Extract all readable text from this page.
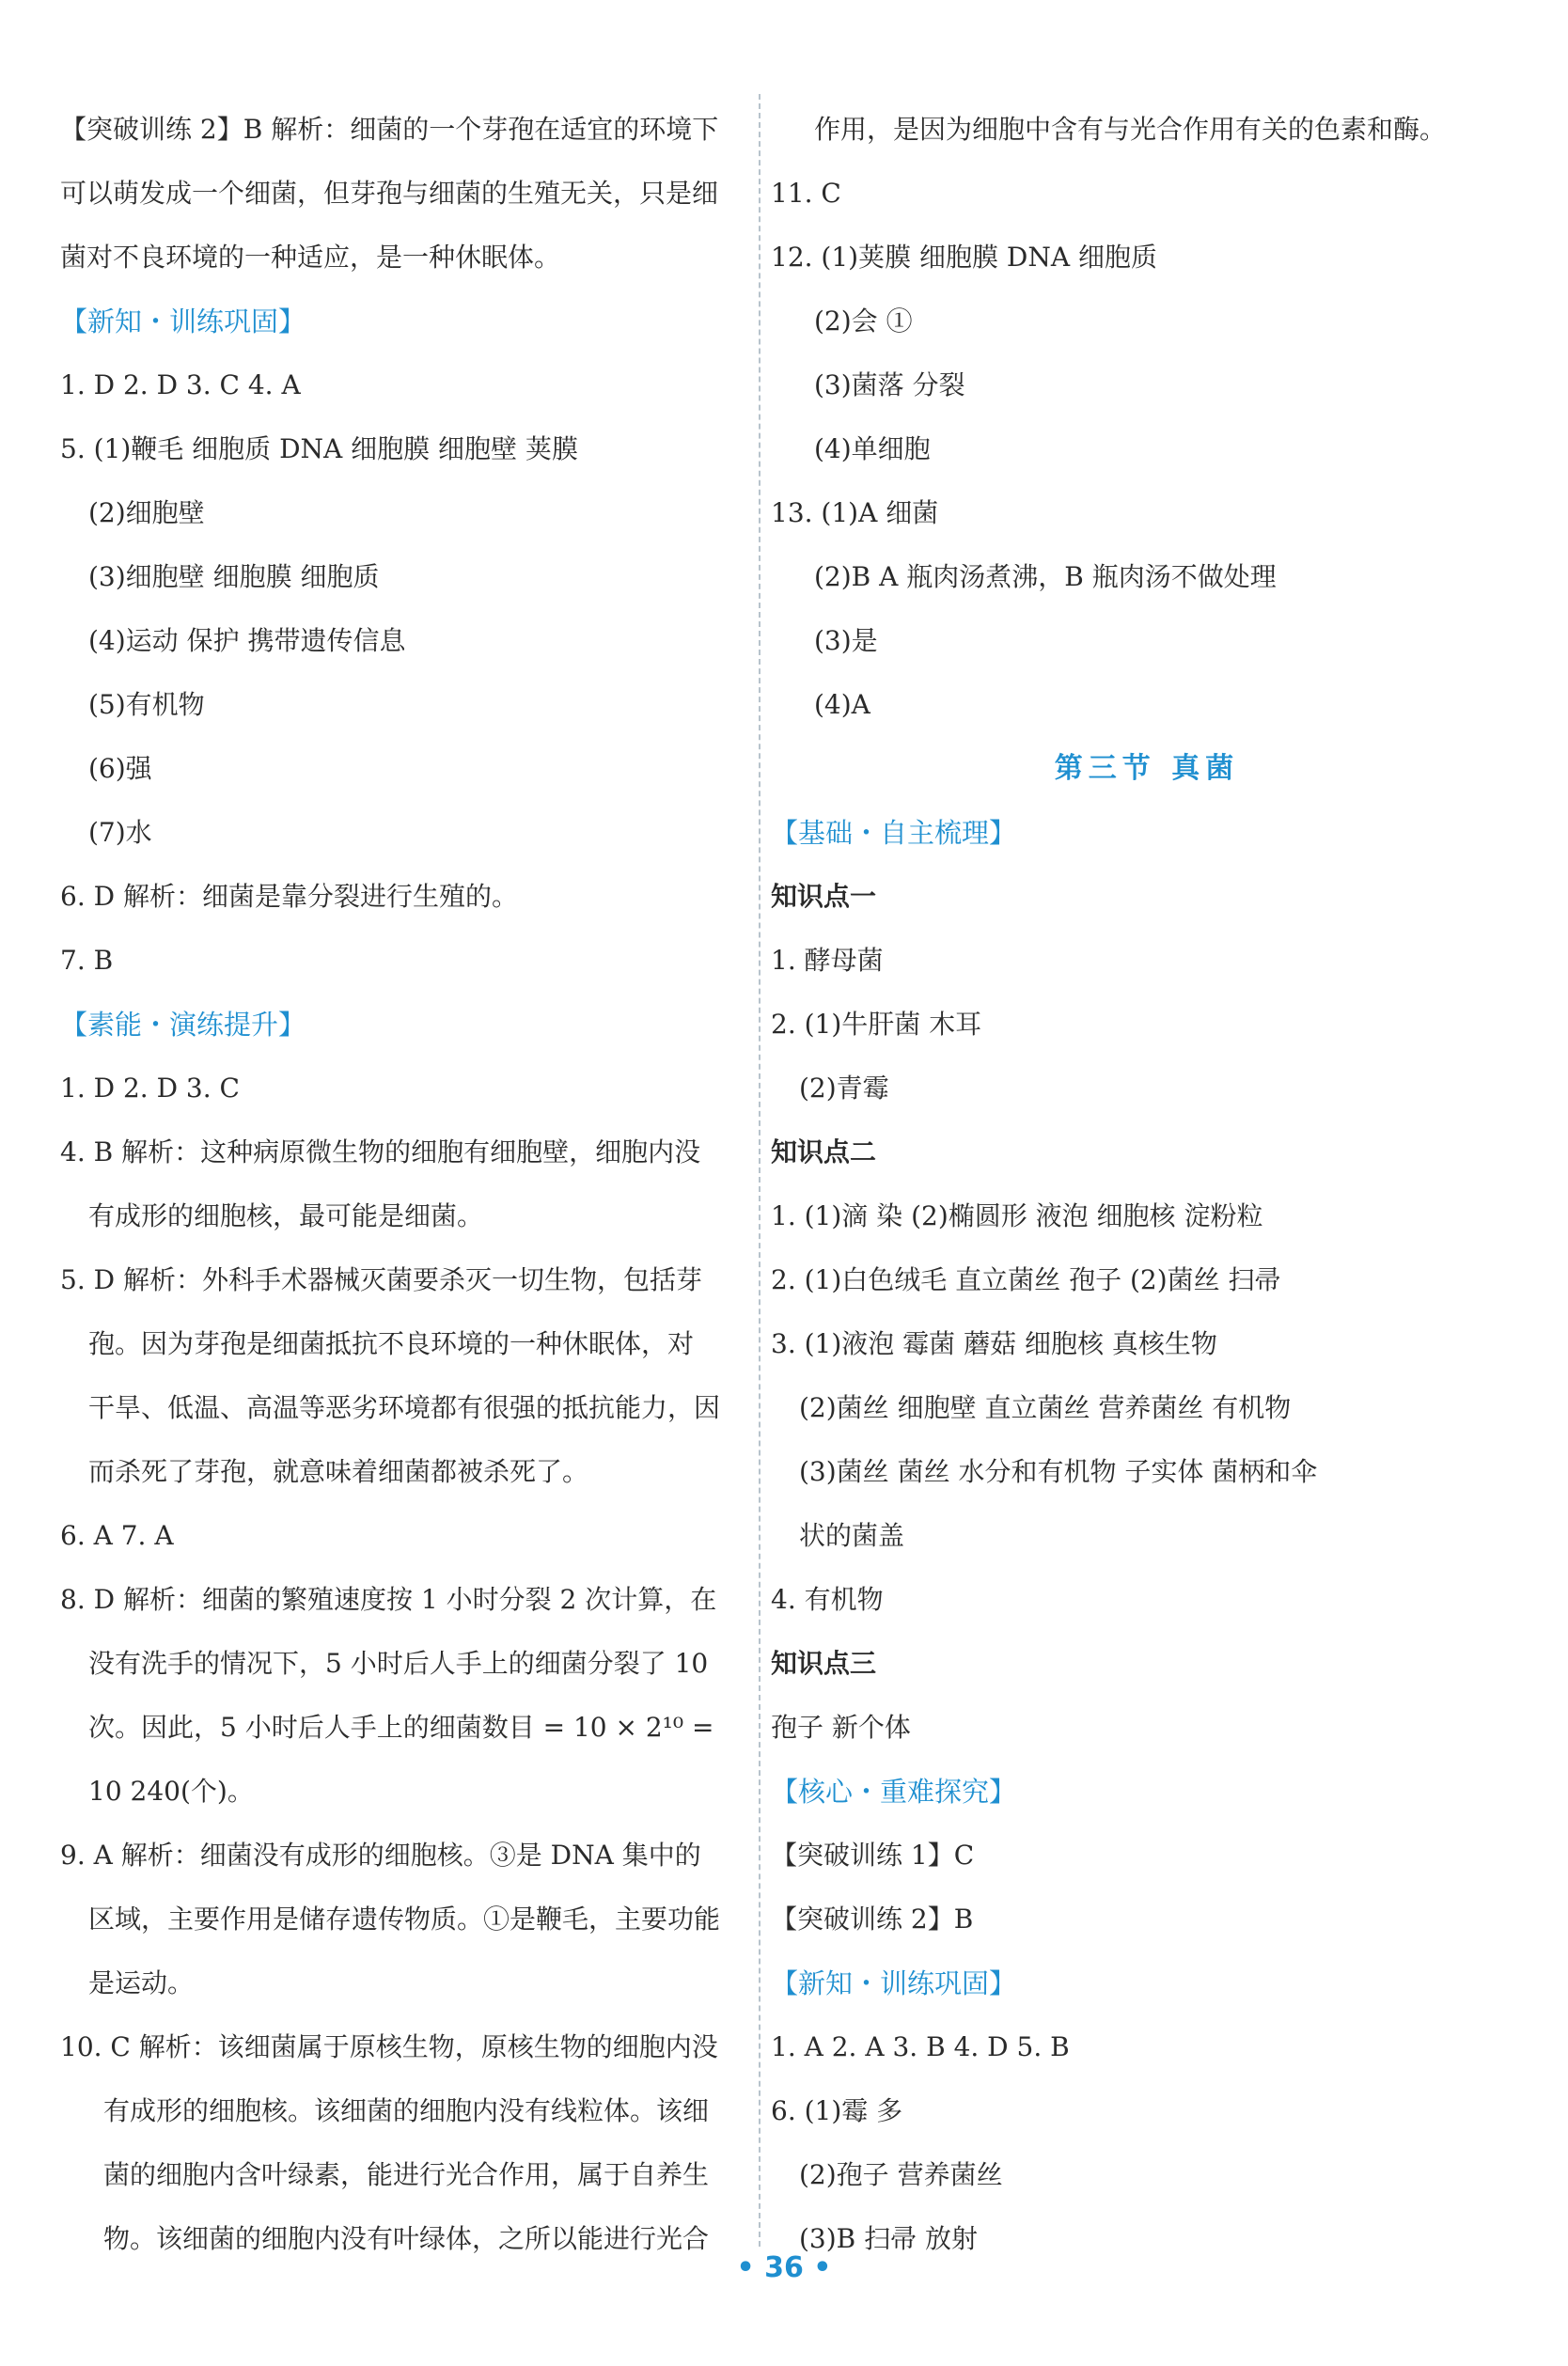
【突破训练 2】B 解析：细菌的一个芽孢在适宜的环境下
可以萌发成一个细菌，但芽孢与细菌的生殖无关，只是细
菌对不良环境的一种适应，是一种休眠体。
【新知・训练巩固】
1. D 2. D 3. C 4. A
5. (1)鞭毛 细胞质 DNA 细胞膜 细胞壁 荚膜
(2)细胞壁
(3)细胞壁 细胞膜 细胞质
(4)运动 保护 携带遗传信息
(5)有机物
(6)强
(7)水
6. D 解析：细菌是靠分裂进行生殖的。
7. B
【素能・演练提升】
1. D 2. D 3. C
4. B 解析：这种病原微生物的细胞有细胞壁，细胞内没
有成形的细胞核，最可能是细菌。
5. D 解析：外科手术器械灭菌要杀灭一切生物，包括芽
孢。因为芽孢是细菌抵抗不良环境的一种休眠体，对
干旱、低温、高温等恶劣环境都有很强的抵抗能力，因
而杀死了芽孢，就意味着细菌都被杀死了。
6. A 7. A
8. D 解析：细菌的繁殖速度按 1 小时分裂 2 次计算，在
没有洗手的情况下，5 小时后人手上的细菌分裂了 10
次。因此，5 小时后人手上的细菌数目 = 10 × 2¹⁰ =
10 240(个)。
9. A 解析：细菌没有成形的细胞核。③是 DNA 集中的
区域，主要作用是储存遗传物质。①是鞭毛，主要功能
是运动。
10. C 解析：该细菌属于原核生物，原核生物的细胞内没
有成形的细胞核。该细菌的细胞内没有线粒体。该细
菌的细胞内含叶绿素，能进行光合作用，属于自养生
物。该细菌的细胞内没有叶绿体，之所以能进行光合
作用，是因为细胞中含有与光合作用有关的色素和酶。
11. C
12. (1)荚膜 细胞膜 DNA 细胞质
(2)会 ①
(3)菌落 分裂
(4)单细胞
13. (1)A 细菌
(2)B A 瓶肉汤煮沸，B 瓶肉汤不做处理
(3)是
(4)A
第三节 真菌
【基础・自主梳理】
知识点一
1. 酵母菌
2. (1)牛肝菌 木耳
(2)青霉
知识点二
1. (1)滴 染 (2)椭圆形 液泡 细胞核 淀粉粒
2. (1)白色绒毛 直立菌丝 孢子 (2)菌丝 扫帚
3. (1)液泡 霉菌 蘑菇 细胞核 真核生物
(2)菌丝 细胞壁 直立菌丝 营养菌丝 有机物
(3)菌丝 菌丝 水分和有机物 子实体 菌柄和伞
状的菌盖
4. 有机物
知识点三
孢子 新个体
【核心・重难探究】
【突破训练 1】C
【突破训练 2】B
【新知・训练巩固】
1. A 2. A 3. B 4. D 5. B
6. (1)霉 多
(2)孢子 营养菌丝
(3)B 扫帚 放射
• 36 •
